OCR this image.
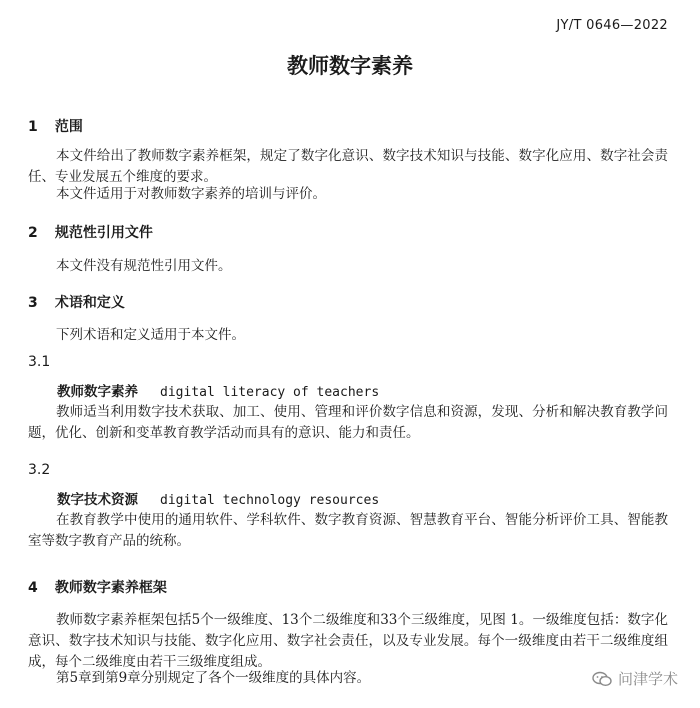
JY/T 0646—2022
教师数字素养
1 范围

本文件给出了教师数字素养框架，规定了数字化意识、数字技术知识与技能、数字化应用、数字社会责任、专业发展五个维度的要求。

本文件适用于对教师数字素养的培训与评价。

2 规范性引用文件

本文件没有规范性引用文件。

3 术语和定义

下列术语和定义适用于本文件。

3.1
教师数字素养 digital literacy of teachers

教师适当利用数字技术获取、加工、使用、管理和评价数字信息和资源，发现、分析和解决教育教学问题，优化、创新和变革教育教学活动而具有的意识、能力和责任。

3.2
数字技术资源 digital technology resources

在教育教学中使用的通用软件、学科软件、数字教育资源、智慧教育平台、智能分析评价工具、智能教室等数字教育产品的统称。

4 教师数字素养框架

教师数字素养框架包括5个一级维度、13个二级维度和33个三级维度，见图 1。一级维度包括：数字化意识、数字技术知识与技能、数字化应用、数字社会责任，以及专业发展。每个一级维度由若干二级维度组成，每个二级维度由若干三级维度组成。

第5章到第9章分别规定了各个一级维度的具体内容。	问津学术
